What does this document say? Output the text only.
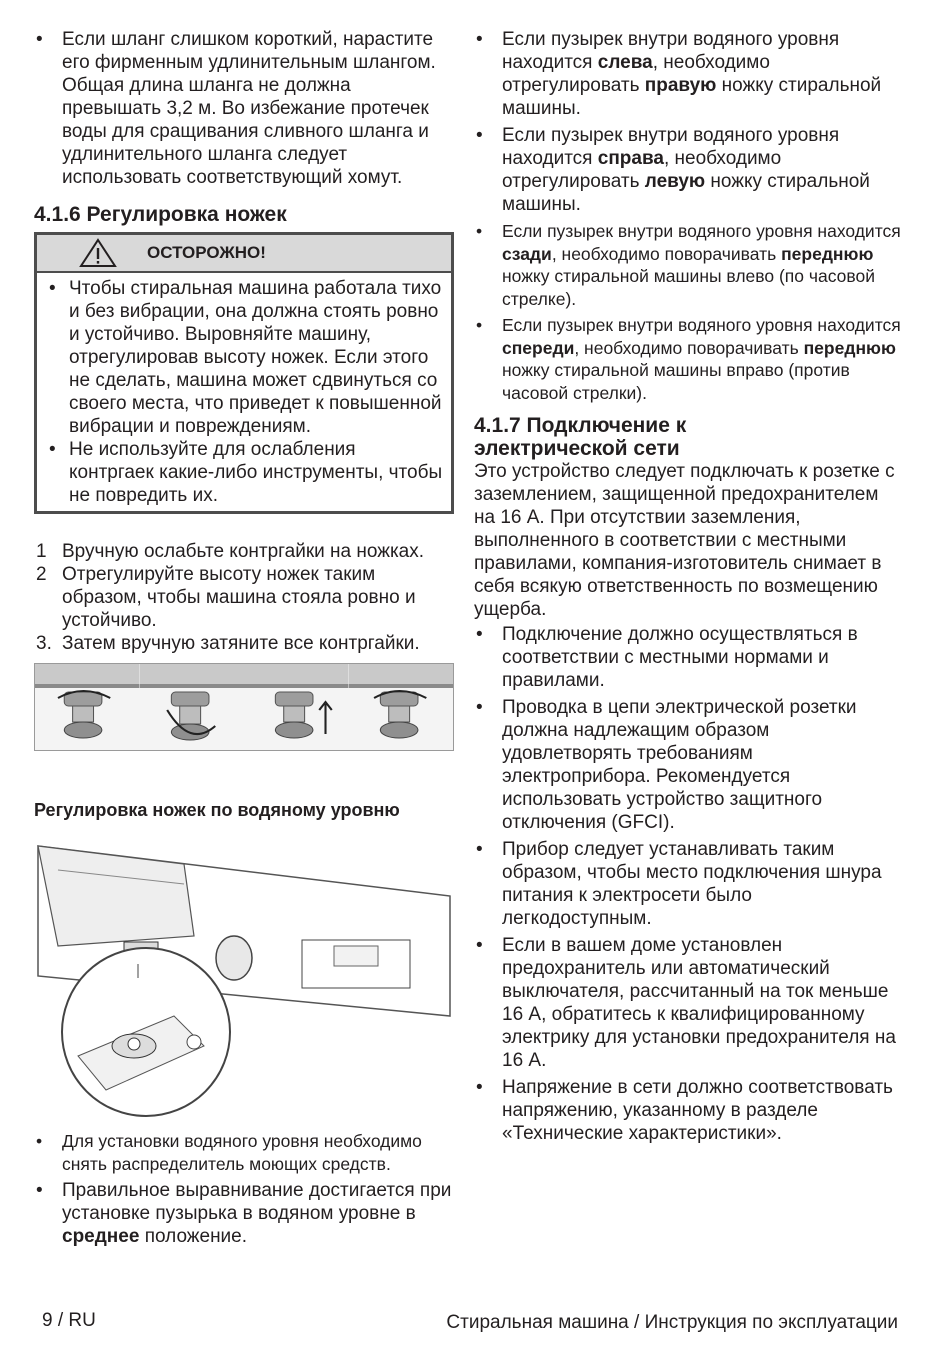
• Если шланг слишком короткий, нарастите его фирменным удлинительным шлангом. Общая длина шланга не должна превышать 3,2 м. Во избежание протечек воды для сращивания сливного шланга и удлинительного шланга следует использовать соответствующий хомут.
4.1.6 Регулировка ножек
ОСТОРОЖНО!
• Чтобы стиральная машина работала тихо и без вибрации, она должна стоять ровно и устойчиво. Выровняйте машину, отрегулировав высоту ножек. Если этого не сделать, машина может сдвинуться со своего места, что приведет к повышенной вибрации и повреждениям.
• Не используйте для ослабления контргаек какие-либо инструменты, чтобы не повредить их.
1 Вручную ослабьте контргайки на ножках.
2 Отрегулируйте высоту ножек таким образом, чтобы машина стояла ровно и устойчиво.
3. Затем вручную затяните все контргайки.
Регулировка ножек по водяному уровню
• Для установки водяного уровня необходимо снять распределитель моющих средств.
• Правильное выравнивание достигается при установке пузырька в водяном уровне в среднее положение.
• Если пузырек внутри водяного уровня находится слева, необходимо отрегулировать правую ножку стиральной машины.
• Если пузырек внутри водяного уровня находится справа, необходимо отрегулировать левую ножку стиральной машины.
• Если пузырек внутри водяного уровня находится сзади, необходимо поворачивать переднюю ножку стиральной машины влево (по часовой стрелке).
• Если пузырек внутри водяного уровня находится спереди, необходимо поворачивать переднюю ножку стиральной машины вправо (против часовой стрелки).
4.1.7 Подключение к
электрической сети

Это устройство следует подключать к розетке с заземлением, защищенной предохранителем на 16 А. При отсутствии заземления, выполненного в соответствии с местными правилами, компания-изготовитель снимает в себя всякую ответственность по возмещению ущерба.

• Подключение должно осуществляться в соответствии с местными нормами и правилами.
• Проводка в цепи электрической розетки должна надлежащим образом удовлетворять требованиям электроприбора. Рекомендуется использовать устройство защитного отключения (GFCI).
• Прибор следует устанавливать таким образом, чтобы место подключения шнура питания к электросети было легкодоступным.
• Если в вашем доме установлен предохранитель или автоматический выключателя, рассчитанный на ток меньше 16 А, обратитесь к квалифицированному электрику для установки предохранителя на 16 А.
• Напряжение в сети должно соответствовать напряжению, указанному в разделе «Технические характеристики».
9 / RU	Стиральная машина / Инструкция по эксплуатации
